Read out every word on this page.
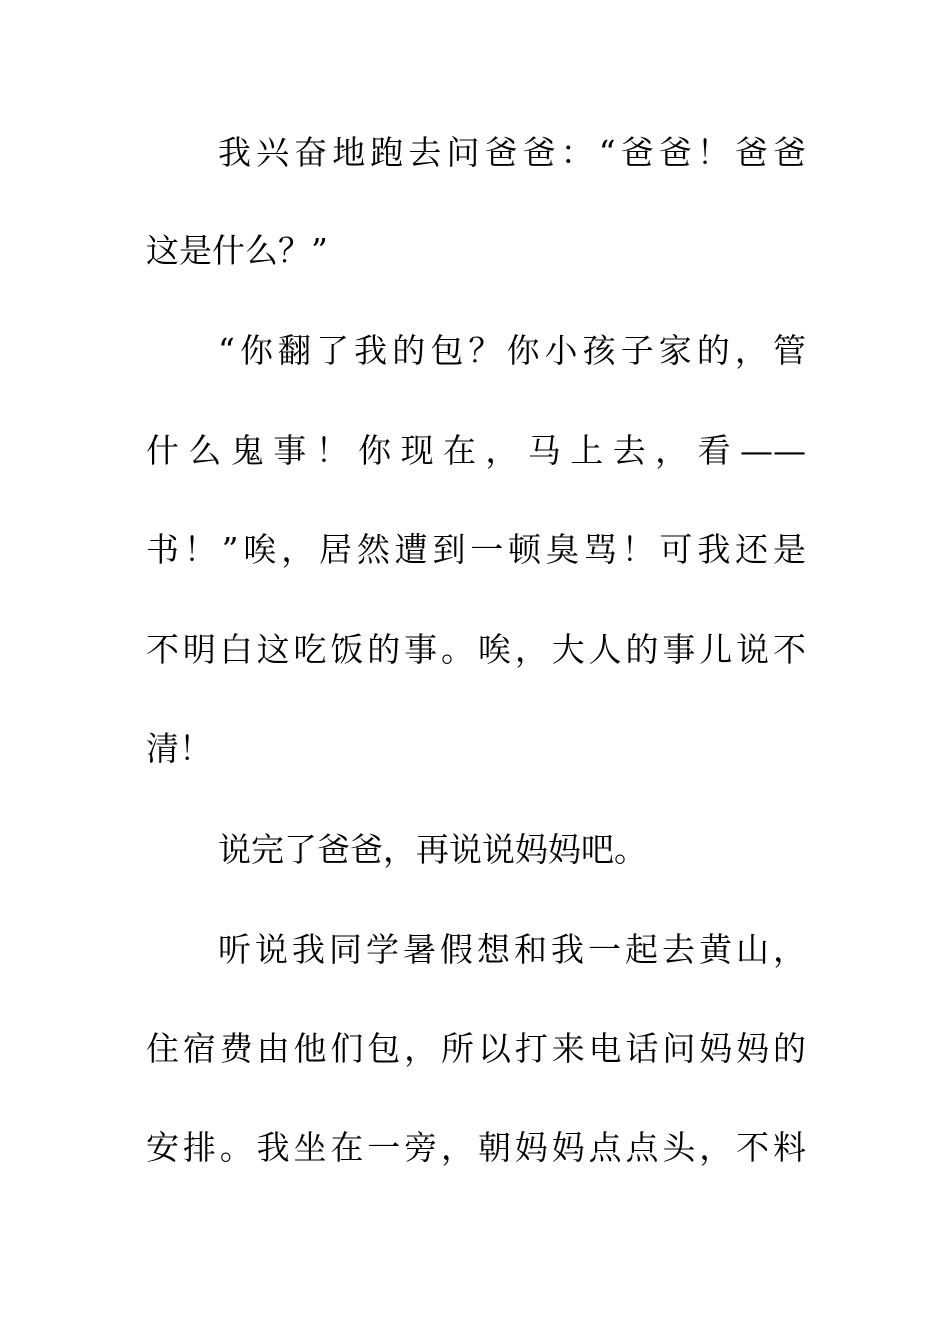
我兴奋地跑去问爸爸：“爸爸！爸爸
这是什么？”
“你翻了我的包？你小孩子家的，管
什么鬼事！你现在，马上去，看——
书！”唉，居然遭到一顿臭骂！可我还是
不明白这吃饭的事。唉，大人的事儿说不
清！
说完了爸爸，再说说妈妈吧。
听说我同学暑假想和我一起去黄山，
住宿费由他们包，所以打来电话问妈妈的
安排。我坐在一旁，朝妈妈点点头，不料
